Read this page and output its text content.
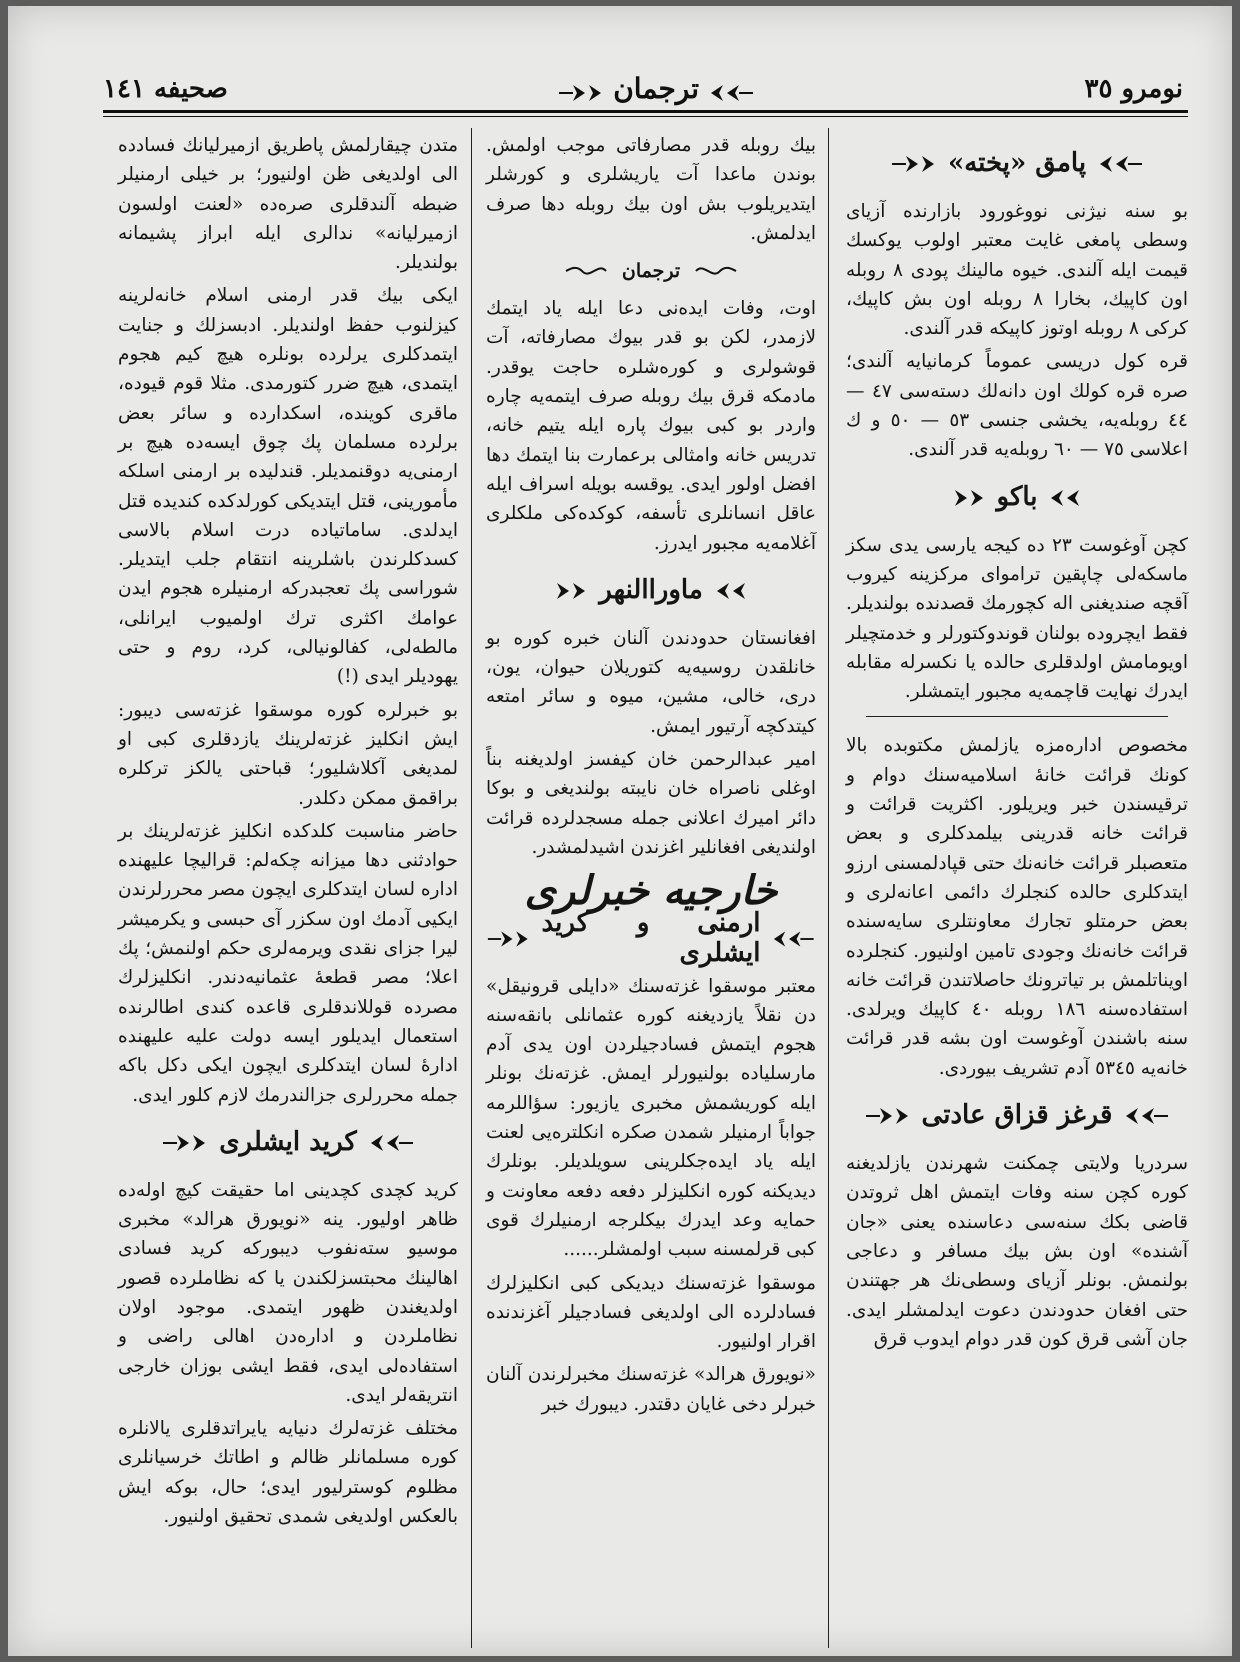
نومرو ٣٥
ترجمان
صحیفه ١٤١
پامق «پخته»

بو سنه نیژنی نووغورود بازارنده آزیای وسطی پامغی غایت معتبر اولوب یوکسك قیمت ایله آلندی. خیوه مالینك پودی ٨ روبله اون کاپیك، بخارا ٨ روبله اون بش کاپیك، کرکی ٨ روبله اوتوز کاپیکه قدر آلندی.

قره کول دریسی عموماً کرمانیایه آلندی؛ صره قره کولك اون دانه‌لك دسته‌سی ٤٧ — ٤٤ روبله‌یه، یخشی جنسی ٥٣ — ٥٠ و ك اعلاسی ٧٥ — ٦٠ روبله‌یه قدر آلندی.

باکو

کچن آوغوست ٢٣ ده کیجه یارسی یدی سکز ماسکه‌لی چاپقین تراموای مرکزینه کیروب آقچه صندیغنی اله کچورمك قصدنده بولندیلر. فقط ایچروده بولنان قوندوکتورلر و خدمتچیلر اویومامش اولدقلری حالده یا نکسرله مقابله ایدرك نهایت قاچمه‌یه مجبور ایتمشلر.

مخصوص اداره‌مزه یازلمش مکتوبده بالا کونك قرائت خانهٔ اسلامیه‌سنك دوام و ترقیسندن خبر ویریلور. اکثریت قرائت و قرائت خانه قدرینی بیلمدکلری و بعض متعصبلر قرائت خانه‌نك حتی قپادلمسنی ارزو ایتدکلری حالده کنجلرك دائمی اعانه‌لری و بعض حرمتلو تجارك معاونتلری سایه‌سنده قرائت خانه‌نك وجودی تامین اولنیور. کنجلرده اویناتلمش بر تیاترونك حاصلاتندن قرائت خانه استفاده‌سنه ١٨٦ روبله ٤٠ کاپیك ویرلدی. سنه باشندن آوغوست اون بشه قدر قرائت خانه‌یه ٥٣٤٥ آدم تشریف بیوردی.

قرغز قزاق عادتی

سردریا ولایتی چمکنت شهرندن یازلدیغنه کوره کچن سنه وفات ایتمش اهل ثروتدن قاضی بکك سنه‌سی دعاسنده یعنی «جان آشنده» اون بش بیك مسافر و دعاجی بولنمش. بونلر آزیای وسطی‌نك هر جهتندن حتی افغان حدودندن دعوت ایدلمشلر ایدی. جان آشی قرق کون قدر دوام ایدوب قرق

بیك روبله قدر مصارفاتی موجب اولمش. بوندن ماعدا آت یاریشلری و کورشلر ایتدیریلوب بش اون بیك روبله دها صرف ایدلمش.

ترجمان

اوت، وفات ایده‌نی دعا ایله یاد ایتمك لازمدر، لکن بو قدر بیوك مصارفاته، آت قوشولری و کوره‌شلره حاجت یوقدر. مادمکه قرق بیك روبله صرف ایتمه‌یه چاره واردر بو کبی بیوك پاره ایله یتیم خانه، تدریس خانه وامثالی برعمارت بنا ایتمك دها افضل اولور ایدی. یوقسه بویله اسراف ایله عاقل انسانلری تأسفه، کوکده‌کی ملکلری آغلامه‌یه مجبور ایدرز.

ماوراالنهر

افغانستان حدودندن آلنان خبره کوره بو خانلقدن روسیه‌یه کتوریلان حیوان، یون، دری، خالی، مشین، میوه و سائر امتعه کیتدکچه آرتیور ایمش.

امیر عبدالرحمن خان کیفسز اولدیغنه بناً اوغلی ناصراه خان نایبته بولندیغی و بوکا دائر امیرك اعلانی جمله مسجدلرده قرائت اولندیغی افغانلیر اغزندن اشیدلمشدر.

خارجیه خبرلری
ارمنی و کرید ایشلری

معتبر موسقوا غزته‌سنك «دایلی قرونیقل» دن نقلاً یازدیغنه کوره عثمانلی بانقه‌سنه هجوم ایتمش فسادجیلردن اون یدی آدم مارسلیاده بولنیورلر ایمش. غزته‌نك بونلر ایله کوریشمش مخبری یازیور: سؤاللرمه جواباً ارمنیلر شمدن صکره انکلتره‌یی لعنت ایله یاد ایده‌جکلرینی سویلدیلر. بونلرك دیدیکنه کوره انکلیزلر دفعه دفعه معاونت و حمایه وعد ایدرك بیکلرجه ارمنیلرك قوی کبی قرلمسنه سبب اولمشلر......

موسقوا غزته‌سنك دیدیکی کبی انکلیزلرك فسادلرده الی اولدیغی فسادجیلر آغزندنده اقرار اولنیور.

«نویورق هرالد» غزته‌سنك مخبرلرندن آلنان خبرلر دخی غایان دقتدر. دیبورك خبر

متدن چیقارلمش پاطریق ازمیرلیانك فسادده الی اولدیغی ظن اولنیور؛ بر خیلی ارمنیلر ضبطه آلندقلری صرەده «لعنت اولسون ازمیرلیانه» ندالری ایله ابراز پشیمانه بولندیلر.

ایکی بیك قدر ارمنی اسلام خانه‌لرینه کیزلنوب حفظ اولندیلر. ادبسزلك و جنایت ایتمدکلری یرلرده بونلره هیچ کیم هجوم ایتمدی، هیچ ضرر کتورمدی. مثلا قوم قیوده، ماقری کوینده، اسکدارده و سائر بعض برلرده مسلمان پك چوق ایسه‌ده هیچ بر ارمنی‌یه دوقنمدیلر. قندلیده بر ارمنی اسلکه مأمورینی، قتل ایتدیکی کورلدکده کندیده قتل ایدلدی. ساماتیاده درت اسلام بالاسی کسدکلرندن باشلرینه انتقام جلب ایتدیلر. شوراسی پك تعجبدرکه ارمنیلره هجوم ایدن عوامك اکثری ترك اولمیوب ایرانلی، مالطه‌لی، کفالونیالی، کرد، روم و حتی یهودیلر ایدی (!)

بو خبرلره کوره موسقوا غزته‌سی دیبور: ایش انکلیز غزته‌لرینك یازدقلری کبی او لمدیغی آکلاشلیور؛ قباحتی یالکز ترکلره براقمق ممکن دکلدر.

حاضر مناسبت کلدکده انکلیز غزته‌لرینك بر حوادثنی دها میزانه چکه‌لم: قرالیچا علیهنده اداره لسان ایتدکلری ایچون مصر محررلرندن ایکیی آدمك اون سکزر آی حبسی و یکرمیشر لیرا جزای نقدی ویرمه‌لری حکم اولنمش؛ پك اعلا؛ مصر قطعهٔ عثمانیه‌دندر. انکلیزلرك مصرده قوللاندقلری قاعده کندی اطالرنده استعمال ایدیلور ایسه دولت علیه علیهنده ادارهٔ لسان ایتدکلری ایچون ایکی دکل باکه جمله محررلری جزالندرمك لازم کلور ایدی.

کرید ایشلری

کرید کچدی کچدینی اما حقیقت کیچ اوله‌ده ظاهر اولیور. ینه «نویورق هرالد» مخبری موسیو ستەنفوب دیبورکه کرید فسادی اهالینك محبتسزلکندن یا که نظاملرده قصور اولدیغندن ظهور ایتمدی. موجود اولان نظاملردن و اداره‌دن اهالی راضی و استفاده‌لی ایدی، فقط ایشی بوزان خارجی انتریقه‌لر ایدی.

مختلف غزته‌لرك دنیایه یایراتدقلری یالانلره کوره مسلمانلر ظالم و اطاتك خرسیانلری مظلوم کوسترلیور ایدی؛ حال، بوکه ایش بالعکس اولدیغی شمدی تحقیق اولنیور.
